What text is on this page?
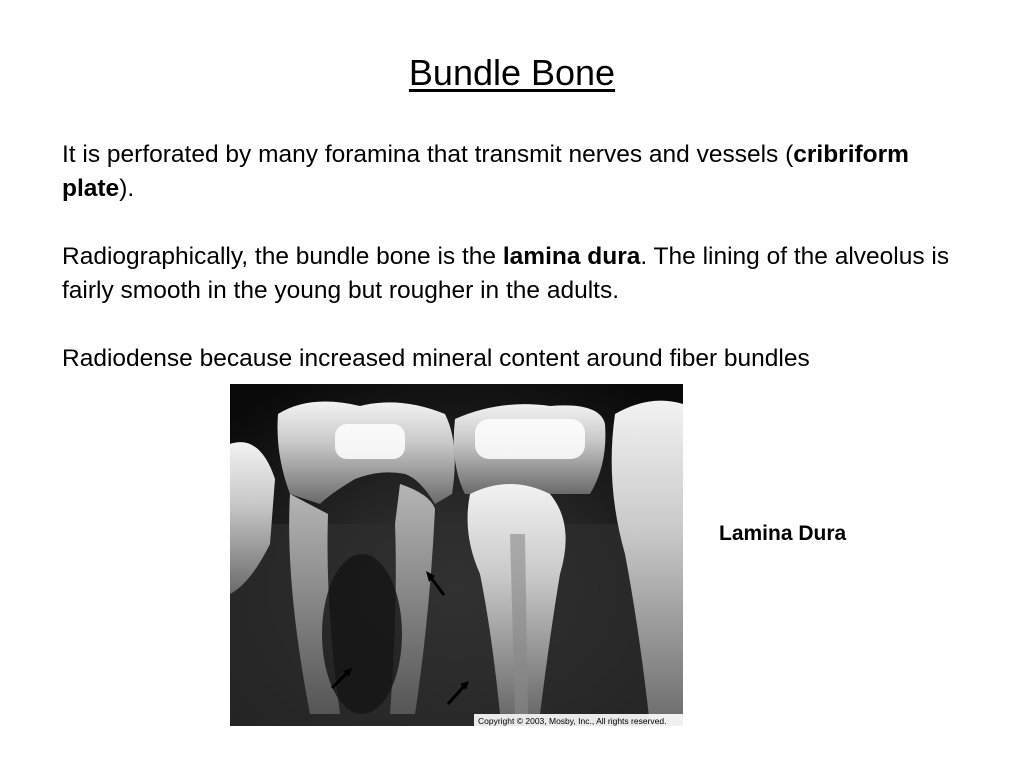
Bundle Bone

It is perforated by many foramina that transmit nerves and vessels (cribriform plate).

Radiographically, the bundle bone is the lamina dura. The lining of the alveolus is fairly smooth in the young but rougher in the adults.

Radiodense because increased mineral content around fiber bundles

Copyright © 2003, Mosby, Inc., All rights reserved.
Lamina Dura
